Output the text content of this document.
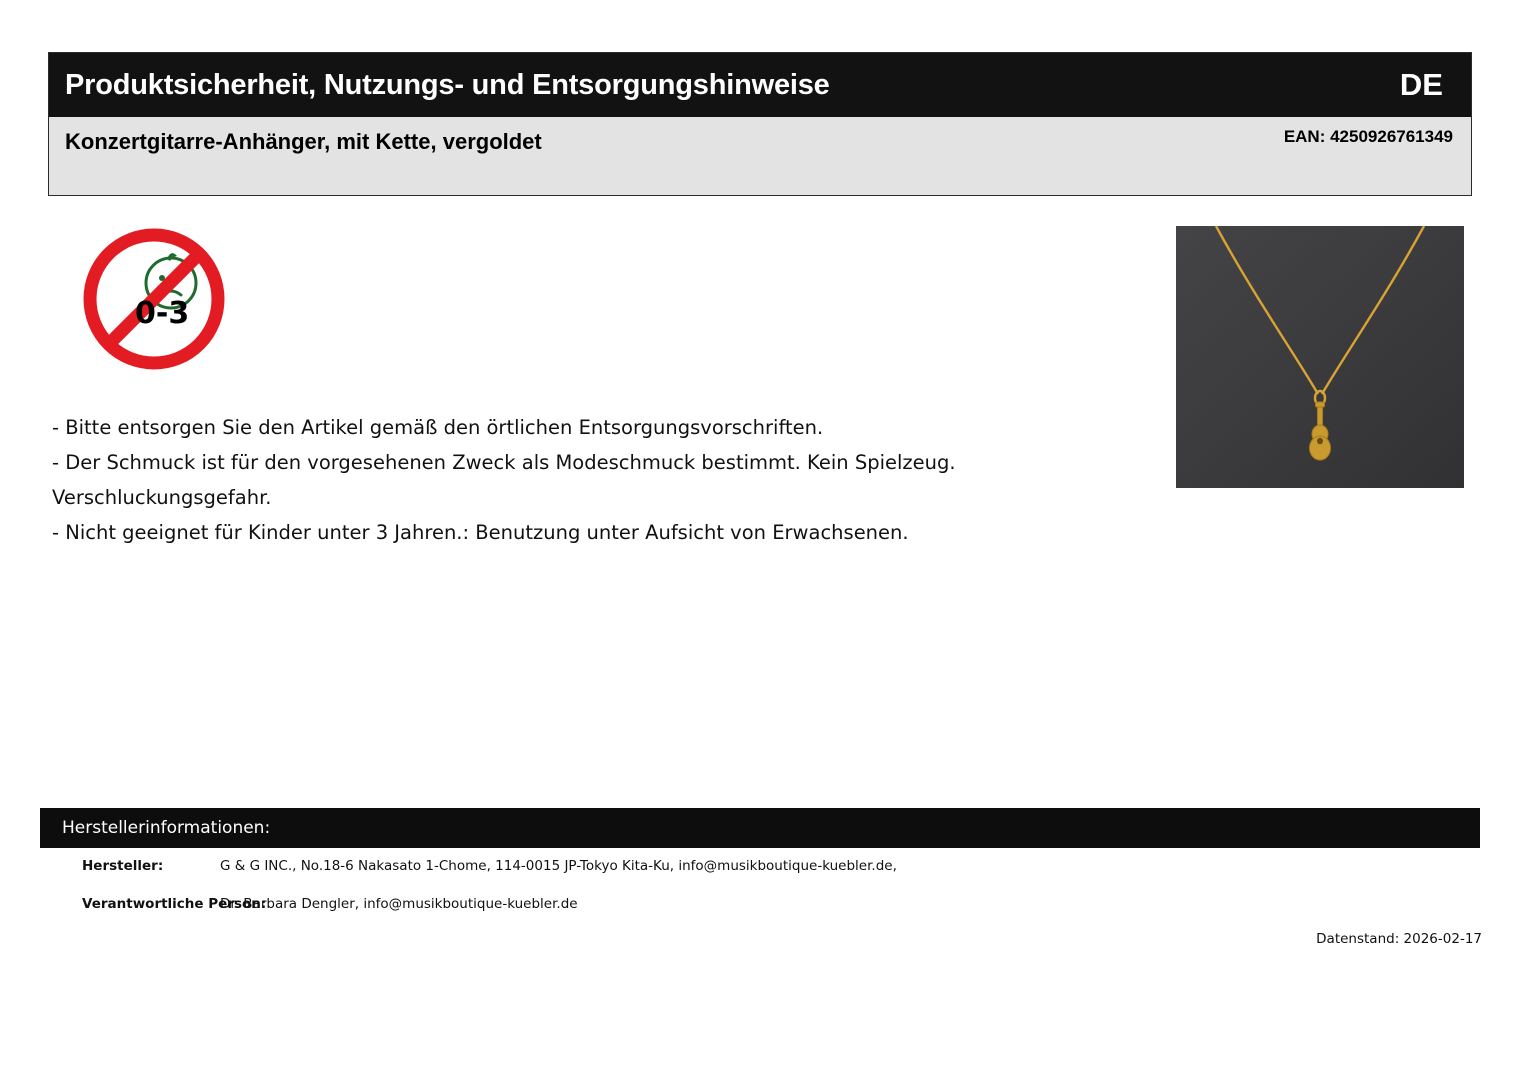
Produktsicherheit, Nutzungs- und Entsorgungshinweise	DE
Konzertgitarre-Anhänger, mit Kette, vergoldet	EAN: 4250926761349
0-3
- Bitte entsorgen Sie den Artikel gemäß den örtlichen Entsorgungsvorschriften.
- Der Schmuck ist für den vorgesehenen Zweck als Modeschmuck bestimmt. Kein Spielzeug.
Verschluckungsgefahr.
- Nicht geeignet für Kinder unter 3 Jahren.: Benutzung unter Aufsicht von Erwachsenen.
Herstellerinformationen:
Hersteller:	G & G INC., No.18-6 Nakasato 1-Chome, 114-0015 JP-Tokyo Kita-Ku, info@musikboutique-kuebler.de,
Verantwortliche Person:
Dr. Barbara Dengler, info@musikboutique-kuebler.de
Datenstand: 2026-02-17
